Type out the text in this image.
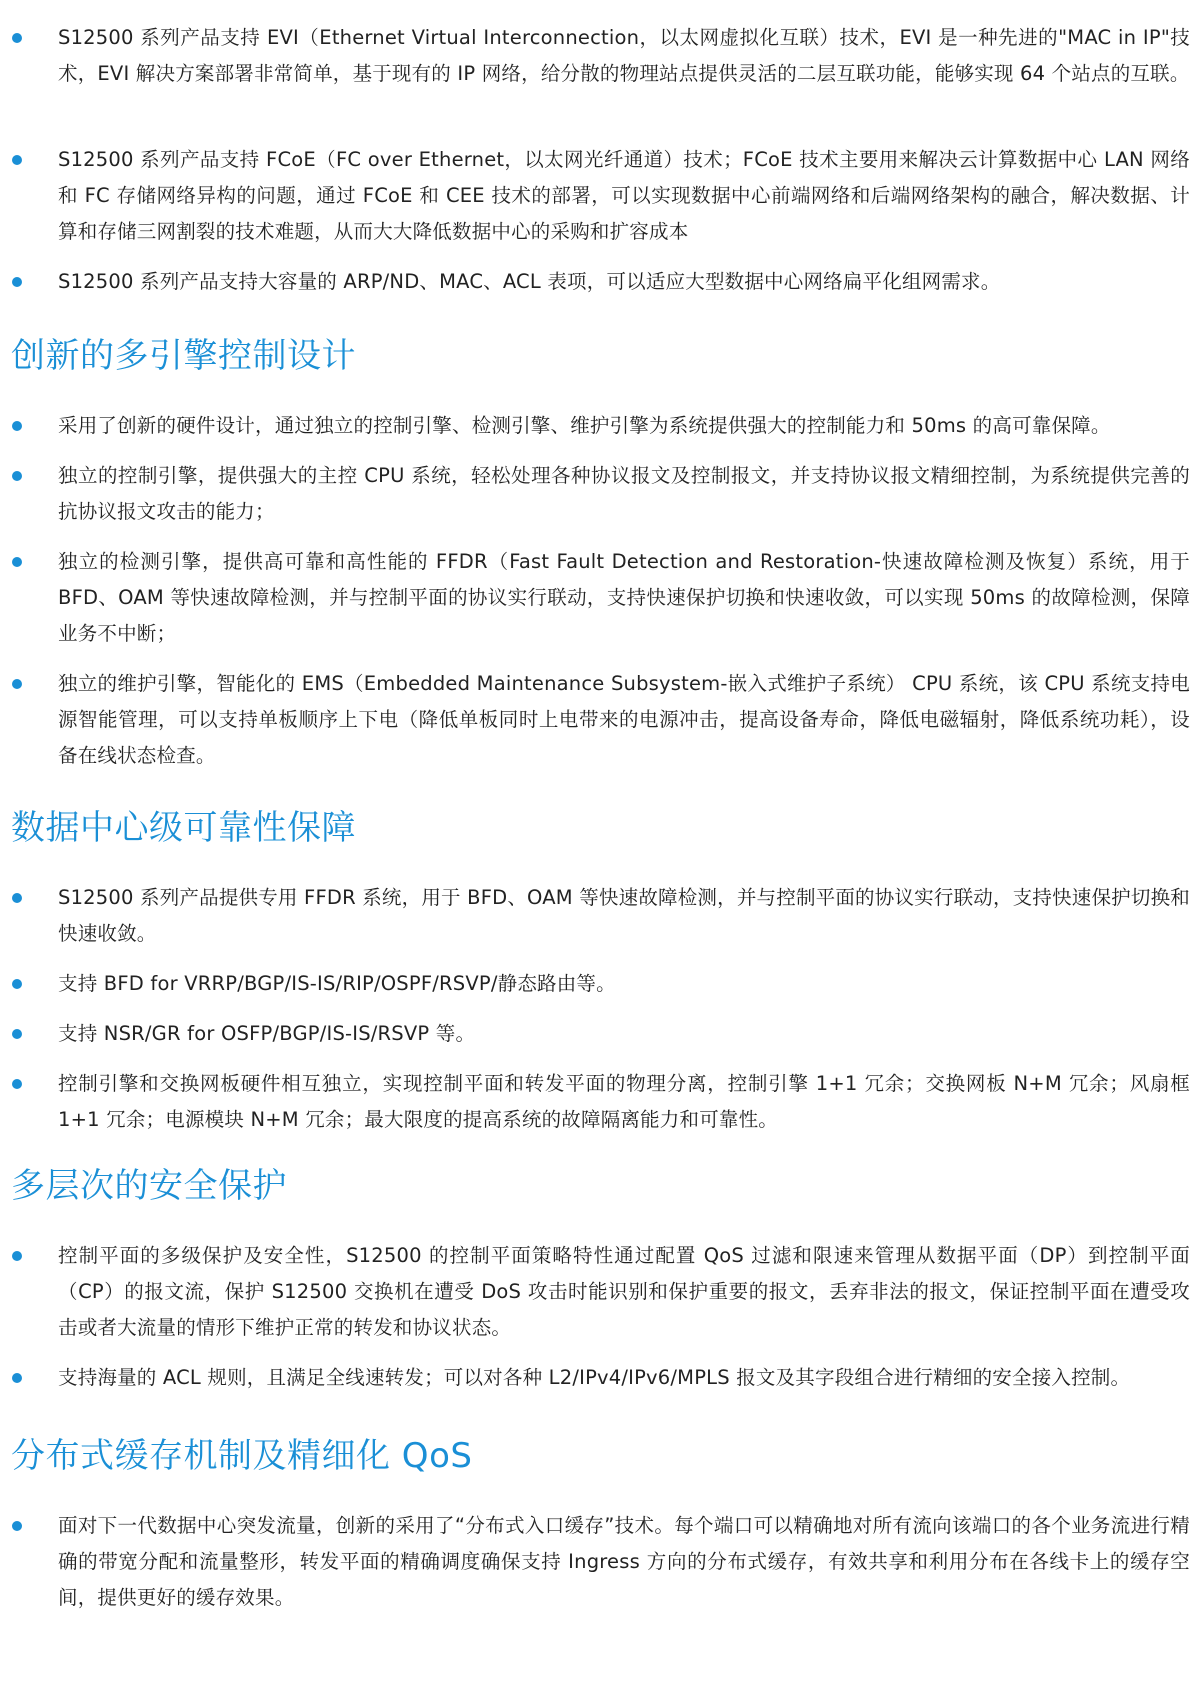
S12500 系列产品支持 EVI（Ethernet Virtual Interconnection，以太网虚拟化互联）技术，EVI 是一种先进的"MAC in IP"技术，EVI 解决方案部署非常简单，基于现有的 IP 网络，给分散的物理站点提供灵活的二层互联功能，能够实现 64 个站点的互联。
S12500 系列产品支持 FCoE（FC over Ethernet，以太网光纤通道）技术；FCoE 技术主要用来解决云计算数据中心 LAN 网络和 FC 存储网络异构的问题，通过 FCoE 和 CEE 技术的部署，可以实现数据中心前端网络和后端网络架构的融合，解决数据、计算和存储三网割裂的技术难题，从而大大降低数据中心的采购和扩容成本
S12500 系列产品支持大容量的 ARP/ND、MAC、ACL 表项，可以适应大型数据中心网络扁平化组网需求。
创新的多引擎控制设计
采用了创新的硬件设计，通过独立的控制引擎、检测引擎、维护引擎为系统提供强大的控制能力和 50ms 的高可靠保障。
独立的控制引擎，提供强大的主控 CPU 系统，轻松处理各种协议报文及控制报文，并支持协议报文精细控制，为系统提供完善的抗协议报文攻击的能力；
独立的检测引擎，提供高可靠和高性能的 FFDR（Fast Fault Detection and Restoration-快速故障检测及恢复）系统，用于 BFD、OAM 等快速故障检测，并与控制平面的协议实行联动，支持快速保护切换和快速收敛，可以实现 50ms 的故障检测，保障业务不中断；
独立的维护引擎，智能化的 EMS（Embedded Maintenance Subsystem-嵌入式维护子系统） CPU 系统，该 CPU 系统支持电源智能管理，可以支持单板顺序上下电（降低单板同时上电带来的电源冲击，提高设备寿命，降低电磁辐射，降低系统功耗），设备在线状态检查。
数据中心级可靠性保障
S12500 系列产品提供专用 FFDR 系统，用于 BFD、OAM 等快速故障检测，并与控制平面的协议实行联动，支持快速保护切换和快速收敛。
支持 BFD for VRRP/BGP/IS-IS/RIP/OSPF/RSVP/静态路由等。
支持 NSR/GR for OSFP/BGP/IS-IS/RSVP 等。
控制引擎和交换网板硬件相互独立，实现控制平面和转发平面的物理分离，控制引擎 1+1 冗余；交换网板 N+M 冗余；风扇框 1+1 冗余；电源模块 N+M 冗余；最大限度的提高系统的故障隔离能力和可靠性。
多层次的安全保护
控制平面的多级保护及安全性，S12500 的控制平面策略特性通过配置 QoS 过滤和限速来管理从数据平面（DP）到控制平面（CP）的报文流，保护 S12500 交换机在遭受 DoS 攻击时能识别和保护重要的报文，丢弃非法的报文，保证控制平面在遭受攻击或者大流量的情形下维护正常的转发和协议状态。
支持海量的 ACL 规则，且满足全线速转发；可以对各种 L2/IPv4/IPv6/MPLS 报文及其字段组合进行精细的安全接入控制。
分布式缓存机制及精细化 QoS
面对下一代数据中心突发流量，创新的采用了“分布式入口缓存”技术。每个端口可以精确地对所有流向该端口的各个业务流进行精确的带宽分配和流量整形，转发平面的精确调度确保支持 Ingress 方向的分布式缓存，有效共享和利用分布在各线卡上的缓存空间，提供更好的缓存效果。
